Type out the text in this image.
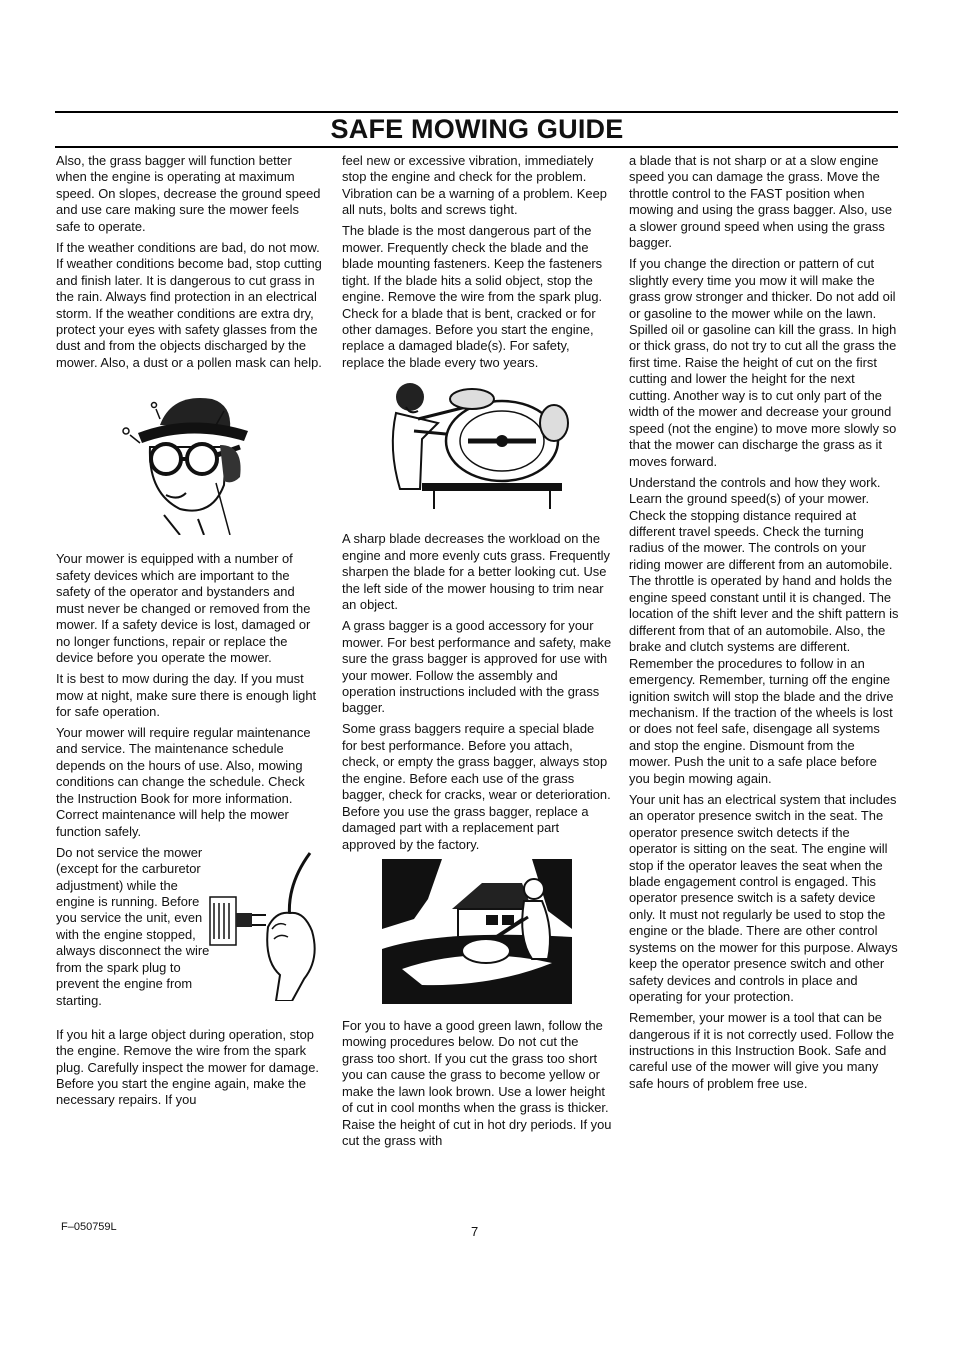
SAFE MOWING GUIDE

Also, the grass bagger will function better when the engine is operating at maximum speed. On slopes, decrease the ground speed and use care making sure the mower feels safe to operate.

If the weather conditions are bad, do not mow. If weather conditions become bad, stop cutting and finish later. It is dangerous to cut grass in the rain. Always find protection in an electrical storm. If the weather conditions are extra dry, protect your eyes with safety glasses from the dust and from the objects discharged by the mower. Also, a dust or a pollen mask can help.

Your mower is equipped with a number of safety devices which are important to the safety of the operator and bystanders and must never be changed or removed from the mower. If a safety device is lost, damaged or no longer functions, repair or replace the device before you operate the mower.

It is best to mow during the day. If you must mow at night, make sure there is enough light for safe operation.

Your mower will require regular maintenance and service. The maintenance schedule depends on the hours of use. Also, mowing conditions can change the schedule. Check the Instruction Book for more information. Correct maintenance will help the mower function safely.

Do not service the mower (except for the carburetor adjustment) while the engine is running. Before you service the unit, even with the engine stopped, always disconnect the wire from the spark plug to prevent the engine from starting.

If you hit a large object during operation, stop the engine. Remove the wire from the spark plug. Carefully inspect the mower for damage. Before you start the engine again, make the necessary repairs. If you

feel new or excessive vibration, immediately stop the engine and check for the problem. Vibration can be a warning of a problem. Keep all nuts, bolts and screws tight.

The blade is the most dangerous part of the mower. Frequently check the blade and the blade mounting fasteners. Keep the fasteners tight. If the blade hits a solid object, stop the engine. Remove the wire from the spark plug. Check for a blade that is bent, cracked or for other damages. Before you start the engine, replace a damaged blade(s). For safety, replace the blade every two years.

A sharp blade decreases the workload on the engine and more evenly cuts grass. Frequently sharpen the blade for a better looking cut. Use the left side of the mower housing to trim near an object.

A grass bagger is a good accessory for your mower. For best performance and safety, make sure the grass bagger is approved for use with your mower. Follow the assembly and operation instructions included with the grass bagger.

Some grass baggers require a special blade for best performance. Before you attach, check, or empty the grass bagger, always stop the engine. Before each use of the grass bagger, check for cracks, wear or deterioration. Before you use the grass bagger, replace a damaged part with a replacement part approved by the factory.

For you to have a good green lawn, follow the mowing procedures below. Do not cut the grass too short. If you cut the grass too short you can cause the grass to become yellow or make the lawn look brown. Use a lower height of cut in cool months when the grass is thicker. Raise the height of cut in hot dry periods. If you cut the grass with

a blade that is not sharp or at a slow engine speed you can damage the grass. Move the throttle control to the FAST position when mowing and using the grass bagger. Also, use a slower ground speed when using the grass bagger.

If you change the direction or pattern of cut slightly every time you mow it will make the grass grow stronger and thicker. Do not add oil or gasoline to the mower while on the lawn. Spilled oil or gasoline can kill the grass. In high or thick grass, do not try to cut all the grass the first time. Raise the height of cut on the first cutting and lower the height for the next cutting. Another way is to cut only part of the width of the mower and decrease your ground speed (not the engine) to move more slowly so that the mower can discharge the grass as it moves forward.

Understand the controls and how they work. Learn the ground speed(s) of your mower. Check the stopping distance required at different travel speeds. Check the turning radius of the mower. The controls on your riding mower are different from an automobile. The throttle is operated by hand and holds the engine speed constant until it is changed. The location of the shift lever and the shift pattern is different from that of an automobile. Also, the brake and clutch systems are different. Remember the procedures to follow in an emergency. Remember, turning off the engine ignition switch will stop the blade and the drive mechanism. If the traction of the wheels is lost or does not feel safe, disengage all systems and stop the engine. Dismount from the mower. Push the unit to a safe place before you begin mowing again.

Your unit has an electrical system that includes an operator presence switch in the seat. The operator presence switch detects if the operator is sitting on the seat. The engine will stop if the operator leaves the seat when the blade engagement control is engaged. This operator presence switch is a safety device only. It must not regularly be used to stop the engine or the blade. There are other control systems on the mower for this purpose. Always keep the operator presence switch and other safety devices and controls in place and operating for your protection.

Remember, your mower is a tool that can be dangerous if it is not correctly used. Follow the instructions in this Instruction Book. Safe and careful use of the mower will give you many safe hours of problem free use.

F–050759L	7
